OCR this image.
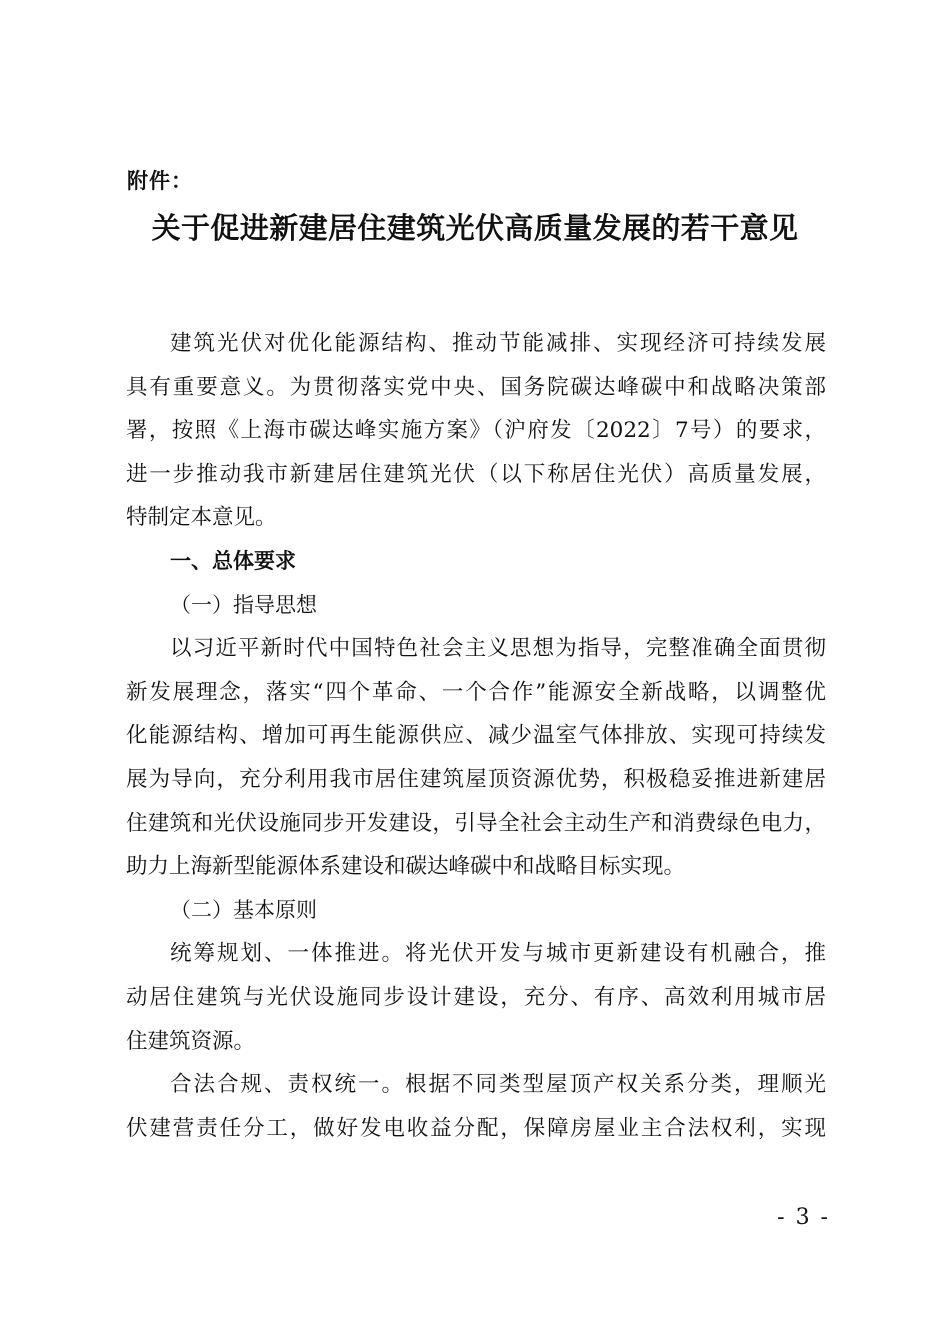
附件：
关于促进新建居住建筑光伏高质量发展的若干意见
建筑光伏对优化能源结构、推动节能减排、实现经济可持续发展
具有重要意义。为贯彻落实党中央、国务院碳达峰碳中和战略决策部
署，按照《上海市碳达峰实施方案》（沪府发〔2022〕7号）的要求，
进一步推动我市新建居住建筑光伏（以下称居住光伏）高质量发展，
特制定本意见。
一、总体要求
（一）指导思想
以习近平新时代中国特色社会主义思想为指导，完整准确全面贯彻
新发展理念，落实“四个革命、一个合作”能源安全新战略，以调整优
化能源结构、增加可再生能源供应、减少温室气体排放、实现可持续发
展为导向，充分利用我市居住建筑屋顶资源优势，积极稳妥推进新建居
住建筑和光伏设施同步开发建设，引导全社会主动生产和消费绿色电力，
助力上海新型能源体系建设和碳达峰碳中和战略目标实现。
（二）基本原则
统筹规划、一体推进。将光伏开发与城市更新建设有机融合，推
动居住建筑与光伏设施同步设计建设，充分、有序、高效利用城市居
住建筑资源。
合法合规、责权统一。根据不同类型屋顶产权关系分类，理顺光
伏建营责任分工，做好发电收益分配，保障房屋业主合法权利，实现
- 3 -
